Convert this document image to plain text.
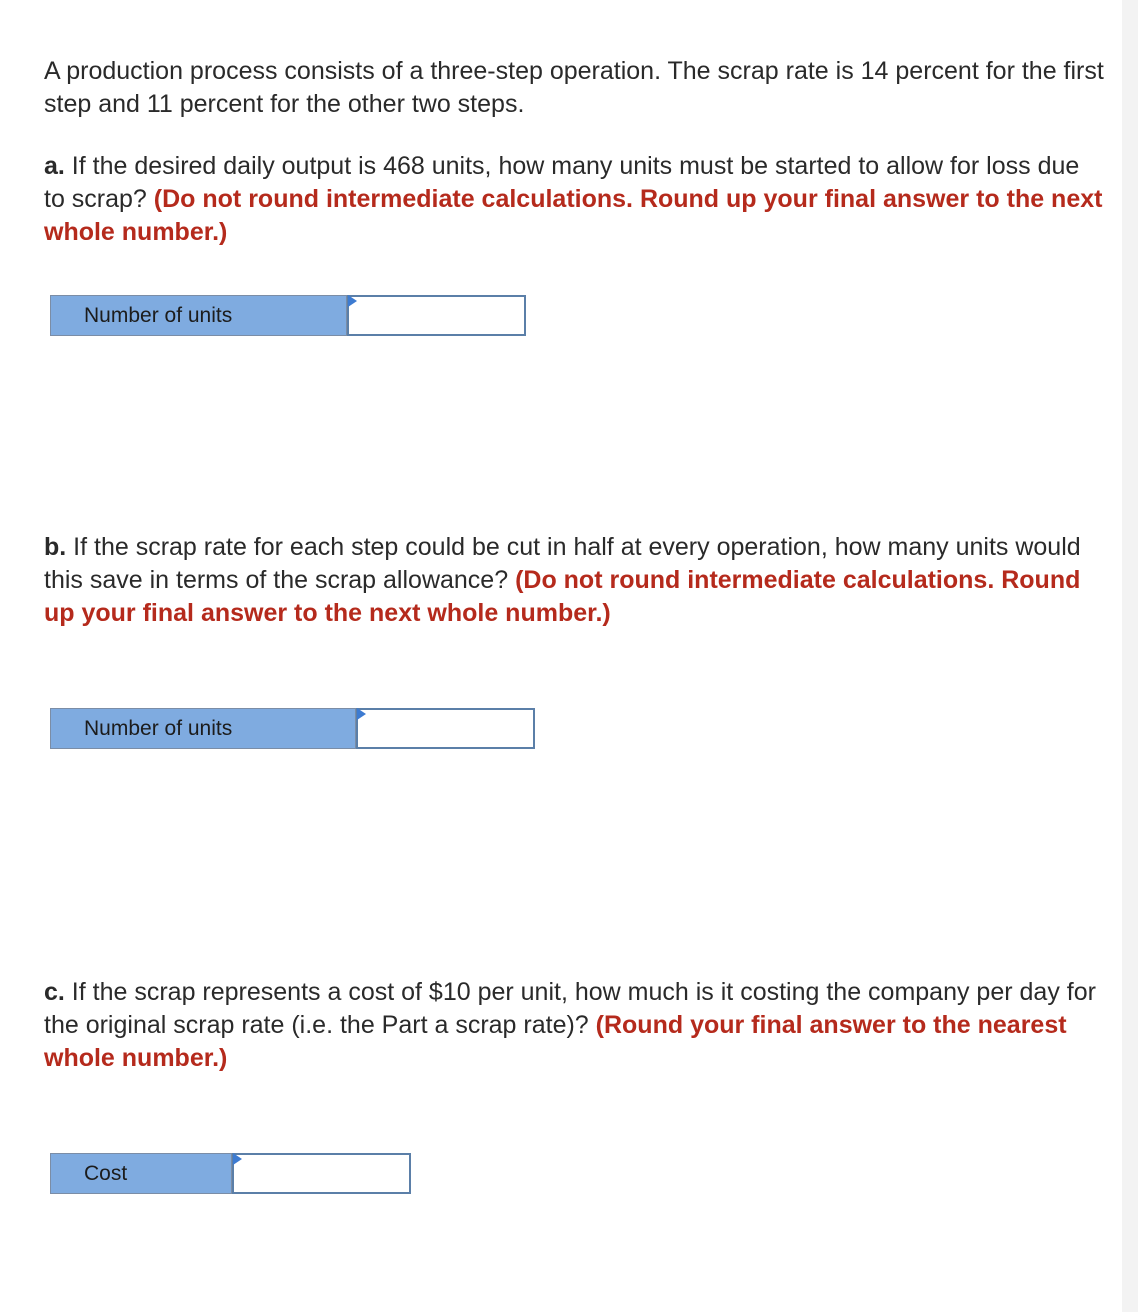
A production process consists of a three-step operation. The scrap rate is 14 percent for the first step and 11 percent for the other two steps.

a. If the desired daily output is 468 units, how many units must be started to allow for loss due to scrap? (Do not round intermediate calculations. Round up your final answer to the next whole number.)

Number of units

b. If the scrap rate for each step could be cut in half at every operation, how many units would this save in terms of the scrap allowance? (Do not round intermediate calculations. Round up your final answer to the next whole number.)

Number of units

c. If the scrap represents a cost of $10 per unit, how much is it costing the company per day for the original scrap rate (i.e. the Part a scrap rate)? (Round your final answer to the nearest whole number.)

Cost
